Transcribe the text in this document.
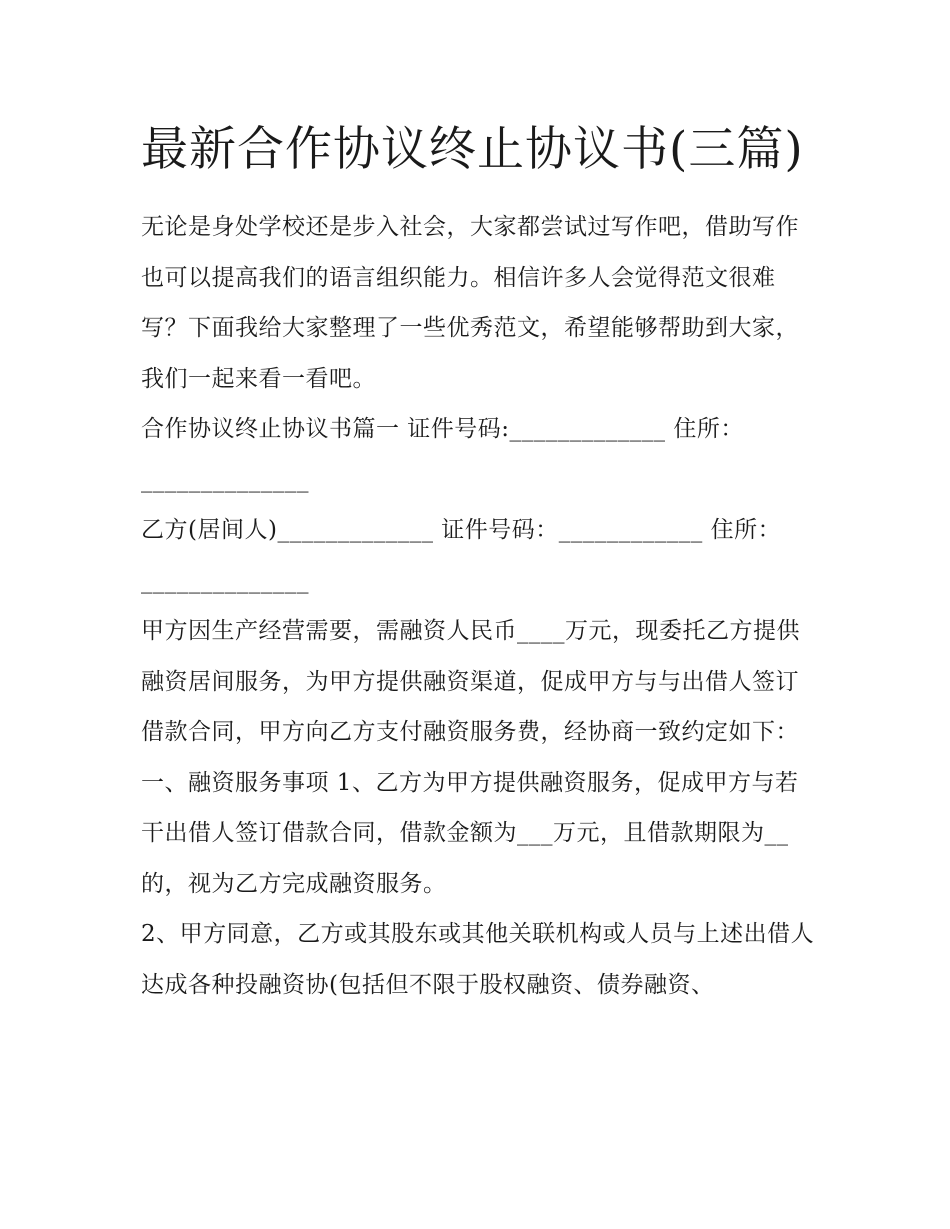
最新合作协议终止协议书(三篇)

无论是身处学校还是步入社会，大家都尝试过写作吧，借助写作也可以提高我们的语言组织能力。相信许多人会觉得范文很难写？下面我给大家整理了一些优秀范文，希望能够帮助到大家，我们一起来看一看吧。

合作协议终止协议书篇一 证件号码:_____________ 住所：______________

乙方(居间人)_____________ 证件号码：____________ 住所：______________

甲方因生产经营需要，需融资人民币____万元，现委托乙方提供融资居间服务，为甲方提供融资渠道，促成甲方与与出借人签订借款合同，甲方向乙方支付融资服务费，经协商一致约定如下：

一、融资服务事项 1、乙方为甲方提供融资服务，促成甲方与若干出借人签订借款合同，借款金额为___万元，且借款期限为__的，视为乙方完成融资服务。

2、甲方同意，乙方或其股东或其他关联机构或人员与上述出借人达成各种投融资协(包括但不限于股权融资、债券融资、
